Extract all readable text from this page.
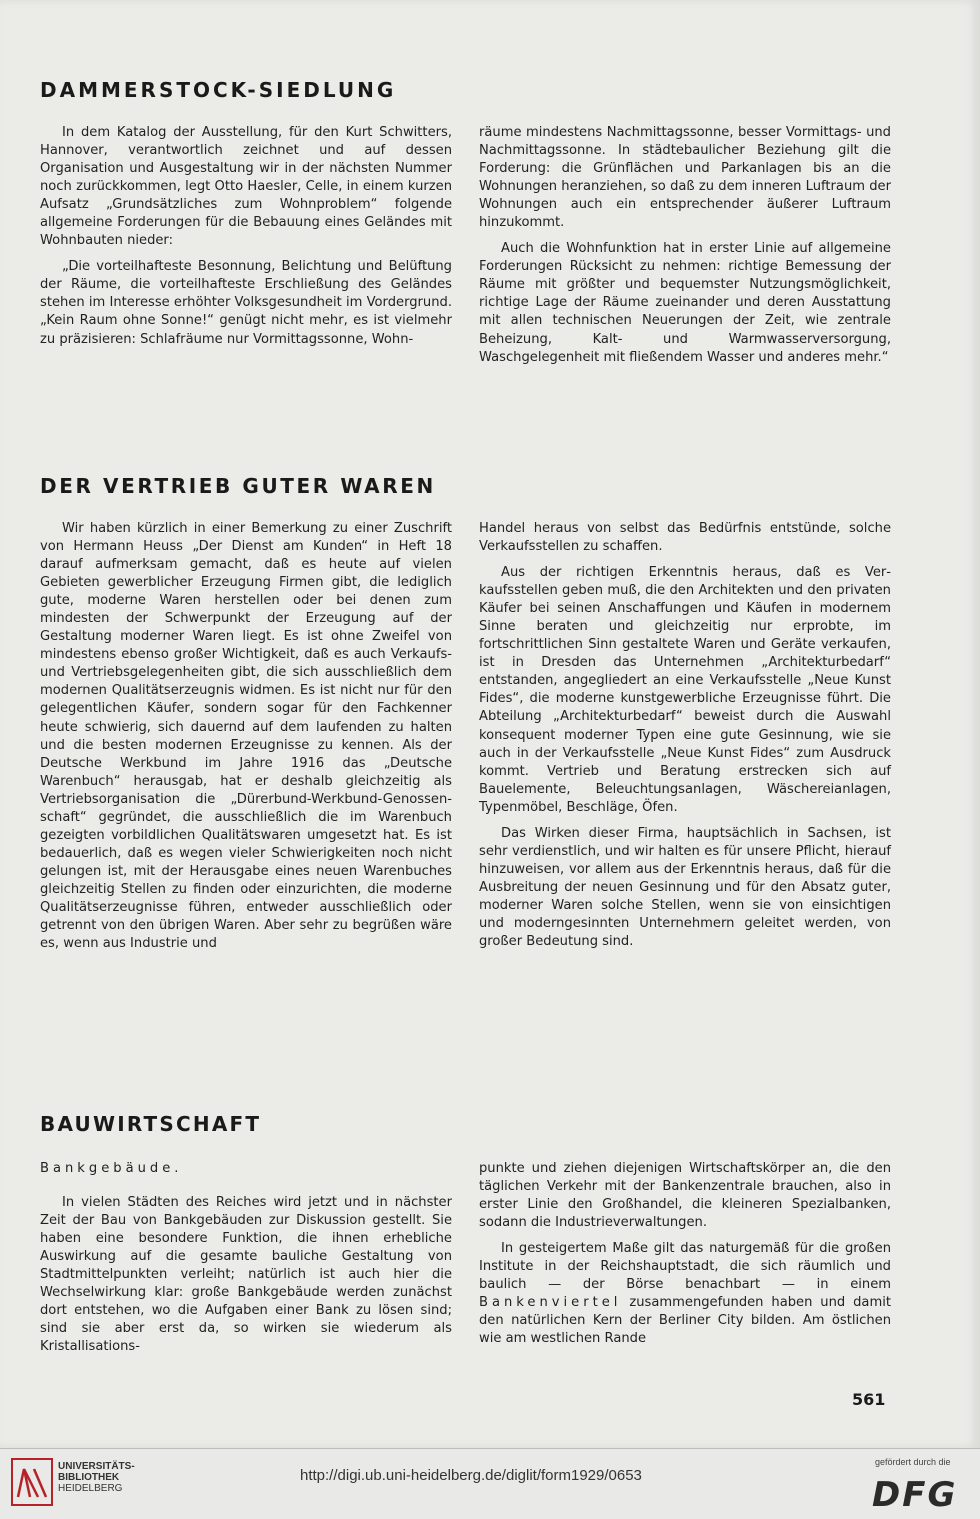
DAMMERSTOCK-SIEDLUNG

In dem Katalog der Ausstellung, für den Kurt Schwitters, Hannover, verantwortlich zeichnet und auf dessen Organisation und Ausgestaltung wir in der nächsten Nummer noch zurückkommen, legt Otto Haesler, Celle, in einem kurzen Aufsatz „Grundsätzliches zum Wohnproblem“ folgende allgemeine Forderungen für die Bebauung eines Geländes mit Wohnbauten nieder:

„Die vorteilhafteste Besonnung, Belichtung und Belüftung der Räume, die vorteilhafteste Erschließung des Geländes stehen im Interesse erhöhter Volksgesundheit im Vordergrund. „Kein Raum ohne Sonne!“ genügt nicht mehr, es ist vielmehr zu präzisieren: Schlafräume nur Vormittagssonne, Wohn-

räume mindestens Nachmittagssonne, besser Vormittags- und Nachmittagssonne. In städtebaulicher Beziehung gilt die Forderung: die Grünflächen und Parkanlagen bis an die Wohnungen heranziehen, so daß zu dem inneren Luftraum der Wohnungen auch ein entsprechender äußerer Luftraum hinzukommt.

Auch die Wohnfunktion hat in erster Linie auf allgemeine Forderungen Rücksicht zu nehmen: richtige Bemessung der Räume mit größter und bequemster Nutzungsmöglichkeit, richtige Lage der Räume zueinander und deren Ausstattung mit allen technischen Neuerungen der Zeit, wie zentrale Beheizung, Kalt- und Warmwasserversorgung, Waschgelegenheit mit fließendem Wasser und anderes mehr.“

DER VERTRIEB GUTER WAREN

Wir haben kürzlich in einer Bemerkung zu einer Zuschrift von Hermann Heuss „Der Dienst am Kunden“ in Heft 18 darauf aufmerksam gemacht, daß es heute auf vielen Gebieten gewerblicher Erzeugung Firmen gibt, die lediglich gute, moderne Waren herstellen oder bei denen zum mindesten der Schwerpunkt der Erzeugung auf der Gestaltung moderner Waren liegt. Es ist ohne Zweifel von mindestens ebenso großer Wichtigkeit, daß es auch Verkaufs- und Vertriebsgelegenheiten gibt, die sich ausschließlich dem modernen Qualitätserzeugnis widmen. Es ist nicht nur für den gelegentlichen Käufer, sondern sogar für den Fachkenner heute schwierig, sich dauernd auf dem laufenden zu halten und die besten modernen Erzeugnisse zu kennen. Als der Deutsche Werkbund im Jahre 1916 das „Deutsche Warenbuch“ herausgab, hat er deshalb gleichzeitig als Vertriebsorganisation die „Dürerbund-Werkbund-Genossenschaft“ gegründet, die ausschließlich die im Warenbuch gezeigten vorbildlichen Qualitätswaren umgesetzt hat. Es ist bedauerlich, daß es wegen vieler Schwierigkeiten noch nicht gelungen ist, mit der Herausgabe eines neuen Warenbuches gleichzeitig Stellen zu finden oder einzurichten, die moderne Qualitätserzeugnisse führen, entweder ausschließlich oder getrennt von den übrigen Waren. Aber sehr zu begrüßen wäre es, wenn aus Industrie und

Handel heraus von selbst das Bedürfnis entstünde, solche Verkaufsstellen zu schaffen.

Aus der richtigen Erkenntnis heraus, daß es Verkaufsstellen geben muß, die den Architekten und den privaten Käufer bei seinen Anschaffungen und Käufen in modernem Sinne beraten und gleichzeitig nur erprobte, im fortschrittlichen Sinn gestaltete Waren und Geräte verkaufen, ist in Dresden das Unternehmen „Architekturbedarf“ entstanden, angegliedert an eine Verkaufsstelle „Neue Kunst Fides“, die moderne kunstgewerbliche Erzeugnisse führt. Die Abteilung „Architekturbedarf“ beweist durch die Auswahl konsequent moderner Typen eine gute Gesinnung, wie sie auch in der Verkaufsstelle „Neue Kunst Fides“ zum Ausdruck kommt. Vertrieb und Beratung erstrecken sich auf Bauelemente, Beleuchtungsanlagen, Wäschereianlagen, Typenmöbel, Beschläge, Öfen.

Das Wirken dieser Firma, hauptsächlich in Sachsen, ist sehr verdienstlich, und wir halten es für unsere Pflicht, hierauf hinzuweisen, vor allem aus der Erkenntnis heraus, daß für die Ausbreitung der neuen Gesinnung und für den Absatz guter, moderner Waren solche Stellen, wenn sie von einsichtigen und moderngesinnten Unternehmern geleitet werden, von großer Bedeutung sind.

BAUWIRTSCHAFT

Bankgebäude.

In vielen Städten des Reiches wird jetzt und in nächster Zeit der Bau von Bankgebäuden zur Diskussion gestellt. Sie haben eine besondere Funktion, die ihnen erhebliche Auswirkung auf die gesamte bauliche Gestaltung von Stadtmittelpunkten verleiht; natürlich ist auch hier die Wechselwirkung klar: große Bankgebäude werden zunächst dort entstehen, wo die Aufgaben einer Bank zu lösen sind; sind sie aber erst da, so wirken sie wiederum als Kristallisations-

punkte und ziehen diejenigen Wirtschaftskörper an, die den täglichen Verkehr mit der Bankenzentrale brauchen, also in erster Linie den Großhandel, die kleineren Spezialbanken, sodann die Industrieverwaltungen.

In gesteigertem Maße gilt das naturgemäß für die großen Institute in der Reichshauptstadt, die sich räumlich und baulich — der Börse benachbart — in einem Bankenviertel zusammengefunden haben und damit den natürlichen Kern der Berliner City bilden. Am östlichen wie am westlichen Rande

561
UNIVERSITÄTS-
BIBLIOTHEK
HEIDELBERG
http://digi.ub.uni-heidelberg.de/diglit/form1929/0653
gefördert durch die
DFG
